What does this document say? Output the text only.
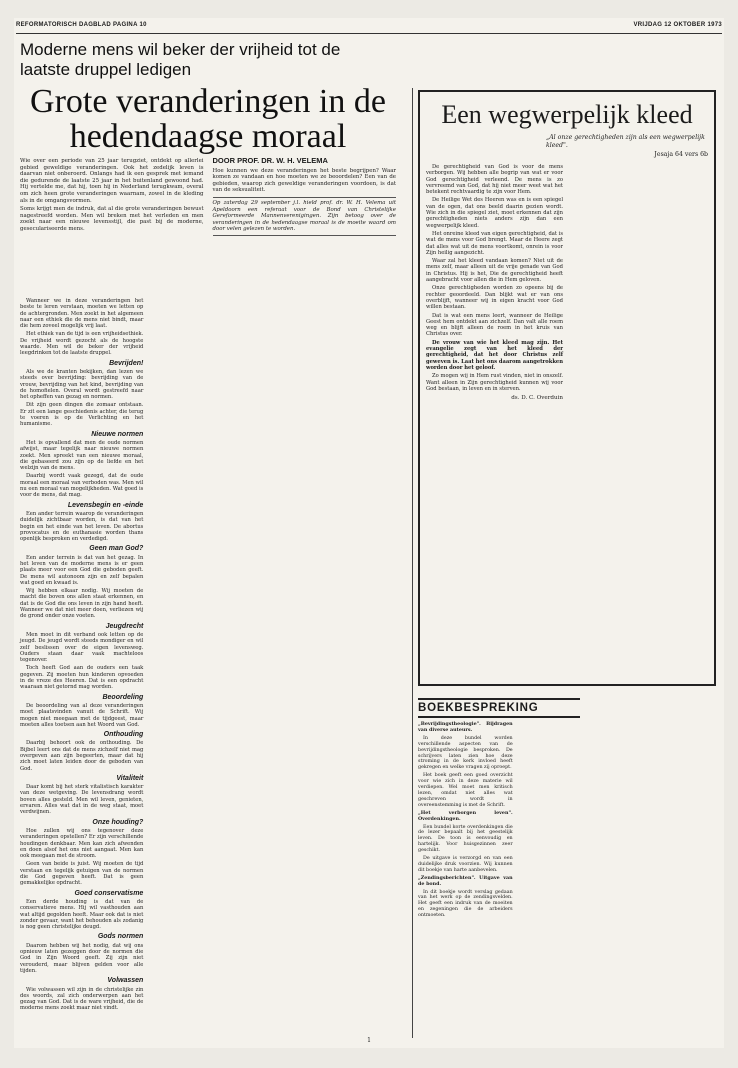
REFORMATORISCH DAGBLAD PAGINA 10	VRIJDAG 12 OKTOBER 1973
Moderne mens wil beker der vrijheid tot de laatste druppel ledigen
Grote veranderingen in de hedendaagse moraal

Wie over een periode van 25 jaar terugziet, ontdekt op allerlei gebied geweldige veranderingen. Ook het zedelijk leven is daarvan niet onberoerd. Onlangs had ik een gesprek met iemand die gedurende de laatste 25 jaar in het buitenland gewoond had. Hij vertelde me, dat hij, toen hij in Nederland terugkwam, overal om zich heen grote veranderingen waarnam, zowel in de kleding als in de omgangsvormen.

Soms krijgt men de indruk, dat al die grote veranderingen bewust nagestreefd worden. Men wil breken met het verleden en men zoekt naar een nieuwe levensstijl, die past bij de moderne, geseculariseerde mens.

DOOR PROF. DR. W. H. VELEMA

Hoe kunnen we deze veranderingen het beste begrijpen? Waar komen ze vandaan en hoe moeten we ze beoordelen? Een van de gebieden, waarop zich geweldige veranderingen voordoen, is dat van de seksualiteit.

Op zaterdag 29 september j.l. hield prof. dr. W. H. Velema uit Apeldoorn een referaat voor de Bond van Christelijke Gereformeerde Mannenverenigingen. Zijn betoog over de veranderingen in de hedendaagse moraal is de moeite waard om door velen gelezen te worden.

Wanneer we in deze veranderingen het beste te leren verstaan, moeten we letten op de achtergronden. Men zoekt in het algemeen naar een ethiek die de mens niet bindt, maar die hem zoveel mogelijk vrij laat.

Het ethiek van de tijd is een vrijheidsethiek. De vrijheid wordt gezocht als de hoogste waarde. Men wil de beker der vrijheid leegdrinken tot de laatste druppel.

Bevrijden!

Als we de kranten bekijken, dan lezen we steeds over bevrijding: bevrijding van de vrouw, bevrijding van het kind, bevrijding van de homofielen. Overal wordt gestreefd naar het opheffen van gezag en normen.

Dit zijn geen dingen die zomaar ontstaan. Er zit een lange geschiedenis achter, die terug te voeren is op de Verlichting en het humanisme.

Nieuwe normen

Het is opvallend dat men de oude normen afwijst, maar tegelijk naar nieuwe normen zoekt. Men spreekt van een nieuwe moraal, die gebaseerd zou zijn op de liefde en het welzijn van de mens.

Daarbij wordt vaak gezegd, dat de oude moraal een moraal van verboden was. Men wil nu een moraal van mogelijkheden. Wat goed is voor de mens, dat mag.

Levensbegin en -einde

Een ander terrein waarop de veranderingen duidelijk zichtbaar worden, is dat van het begin en het einde van het leven. De abortus provocatus en de euthanasie worden thans openlijk besproken en verdedigd.

Geen man God?

Een ander terrein is dat van het gezag. In het leven van de moderne mens is er geen plaats meer voor een God die geboden geeft. De mens wil autonoom zijn en zelf bepalen wat goed en kwaad is.

Wij hebben elkaar nodig. Wij moeten de macht die boven ons allen staat erkennen, en dat is de God die ons leven in zijn hand heeft. Wanneer we dat niet meer doen, verliezen wij de grond onder onze voeten.

Jeugdrecht

Men moet in dit verband ook letten op de jeugd. De jeugd wordt steeds mondiger en wil zelf beslissen over de eigen levensweg. Ouders staan daar vaak machteloos tegenover.

Toch heeft God aan de ouders een taak gegeven. Zij moeten hun kinderen opvoeden in de vreze des Heeren. Dat is een opdracht waaraan niet getornd mag worden.

Beoordeling

De beoordeling van al deze veranderingen moet plaatsvinden vanuit de Schrift. Wij mogen niet meegaan met de tijdgeest, maar moeten alles toetsen aan het Woord van God.

Onthouding

Daarbij behoort ook de onthouding. De Bijbel leert ons dat de mens zichzelf niet mag overgeven aan zijn begeerten, maar dat hij zich moet laten leiden door de geboden van God.

Vitaliteit

Daar komt bij het sterk vitalistisch karakter van deze wetgeving. De levensdrang wordt boven alles gesteld. Men wil leven, genieten, ervaren. Alles wat dat in de weg staat, moet verdwijnen.

Onze houding?

Hoe zullen wij ons tegenover deze veranderingen opstellen? Er zijn verschillende houdingen denkbaar. Men kan zich afwenden en doen alsof het ons niet aangaat. Men kan ook meegaan met de stroom.

Geen van beide is juist. Wij moeten de tijd verstaan en tegelijk getuigen van de normen die God gegeven heeft. Dat is geen gemakkelijke opdracht.

Goed conservatisme

Een derde houding is dat van de conservatieve mens. Hij wil vasthouden aan wat altijd gegolden heeft. Maar ook dat is niet zonder gevaar, want het behouden als zodanig is nog geen christelijke deugd.

Gods normen

Daarom hebben wij het nodig, dat wij ons opnieuw laten gezeggen door de normen die God in Zijn Woord geeft. Zij zijn niet verouderd, maar blijven gelden voor alle tijden.

Volwassen

Wie volwassen wil zijn in de christelijke zin des woords, zal zich onderwerpen aan het gezag van God. Dat is de ware vrijheid, die de moderne mens zoekt maar niet vindt.

Een wegwerpelijk kleed
„Al onze gerechtigheden zijn als een wegwerpelijk kleed".
Jesaja 64 vers 6b

De gerechtigheid van God is voor de mens verborgen. Wij hebben alle begrip van wat er voor God gerechtigheid verleend. De mens is zo vervreemd van God, dat hij niet meer weet wat het betekent rechtvaardig te zijn voor Hem.

De Heilige Wet des Heeren was en is een spiegel van de ogen, dat ons beeld daarin gezien wordt. Wie zich in die spiegel ziet, moet erkennen dat zijn gerechtigheden niets anders zijn dan een wegwerpelijk kleed.

Het onreine kleed van eigen gerechtigheid, dat is wat de mens voor God brengt. Maar de Heere zegt dat alles wat uit de mens voortkomt, onrein is voor Zijn heilig aangezicht.

Waar zal het kleed vandaan komen? Niet uit de mens zelf, maar alleen uit de vrije genade van God in Christus. Hij is het, Die de gerechtigheid heeft aangebracht voor allen die in Hem geloven.

Onze gerechtigheden worden zo opeens bij de rechter geoordeeld. Dan blijkt wat er van ons overblijft, wanneer wij in eigen kracht voor God willen bestaan.

Dat is wat een mens leert, wanneer de Heilige Geest hem ontdekt aan zichzelf. Dan valt alle roem weg en blijft alleen de roem in het kruis van Christus over.

De vrouw van wie het kleed mag zijn. Het evangelie zegt van het kleed der gerechtigheid, dat het door Christus zelf geweven is. Laat het ons daarom aangetrokken worden door het geloof.

Zo mogen wij in Hem rust vinden, niet in onszelf. Want alleen in Zijn gerechtigheid kunnen wij voor God bestaan, in leven en in sterven.

ds. D. C. Overduin
BOEKBESPREKING

„Bevrijdingstheologie". Bijdragen van diverse auteurs.

In deze bundel worden verschillende aspecten van de bevrijdingstheologie besproken. De schrijvers laten zien hoe deze stroming in de kerk invloed heeft gekregen en welke vragen zij oproept.

Het boek geeft een goed overzicht voor wie zich in deze materie wil verdiepen. Wel moet men kritisch lezen, omdat niet alles wat geschreven wordt in overeenstemming is met de Schrift.

„Het verborgen leven". Overdenkingen.

Een bundel korte overdenkingen die de lezer bepaalt bij het geestelijk leven. De toon is eenvoudig en hartelijk. Voor huisgezinnen zeer geschikt.

De uitgave is verzorgd en van een duidelijke druk voorzien. Wij kunnen dit boekje van harte aanbevelen.

„Zendingsberichten". Uitgave van de bond.

In dit boekje wordt verslag gedaan van het werk op de zendingsvelden. Het geeft een indruk van de moeiten en zegeningen die de arbeiders ontmoeten.

1
